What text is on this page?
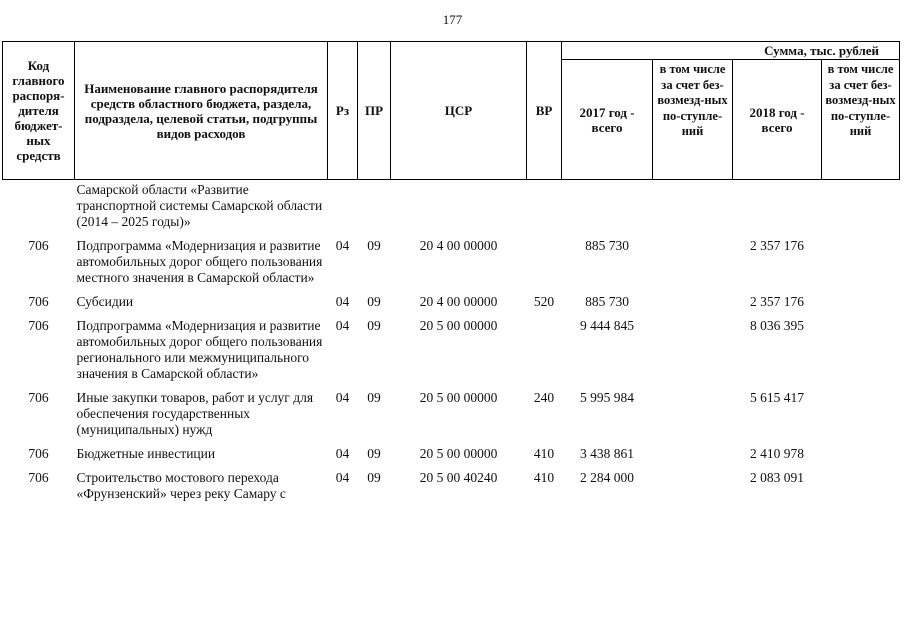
177
Код главного распоря-дителя бюджет-ных средств	Наименование главного распорядителя средств областного бюджета, раздела, подраздела, целевой статьи, подгруппы видов расходов	Рз	ПР	ЦСР	ВР	Сумма, тыс. рублей			
						2017 год - всего	в том числе за счет без-возмезд-ных по-ступле-ний	2018 год - всего	в том числе за счет без-возмезд-ных по-ступле-ний
	Самарской области «Развитие транспортной системы Самарской области (2014 – 2025 годы)»								
706	Подпрограмма «Модернизация и развитие автомобильных дорог общего пользования местного значения в Самарской области»	04	09	20 4 00 00000		885 730		2 357 176	
706	Субсидии	04	09	20 4 00 00000	520	885 730		2 357 176	
706	Подпрограмма «Модернизация и развитие автомобильных дорог общего пользования регионального или межмуниципального значения в Самарской области»	04	09	20 5 00 00000		9 444 845		8 036 395	
706	Иные закупки товаров, работ и услуг для обеспечения государственных (муниципальных) нужд	04	09	20 5 00 00000	240	5 995 984		5 615 417	
706	Бюджетные инвестиции	04	09	20 5 00 00000	410	3 438 861		2 410 978	
706	Строительство мостового перехода «Фрунзенский» через реку Самару с	04	09	20 5 00 40240	410	2 284 000		2 083 091	
